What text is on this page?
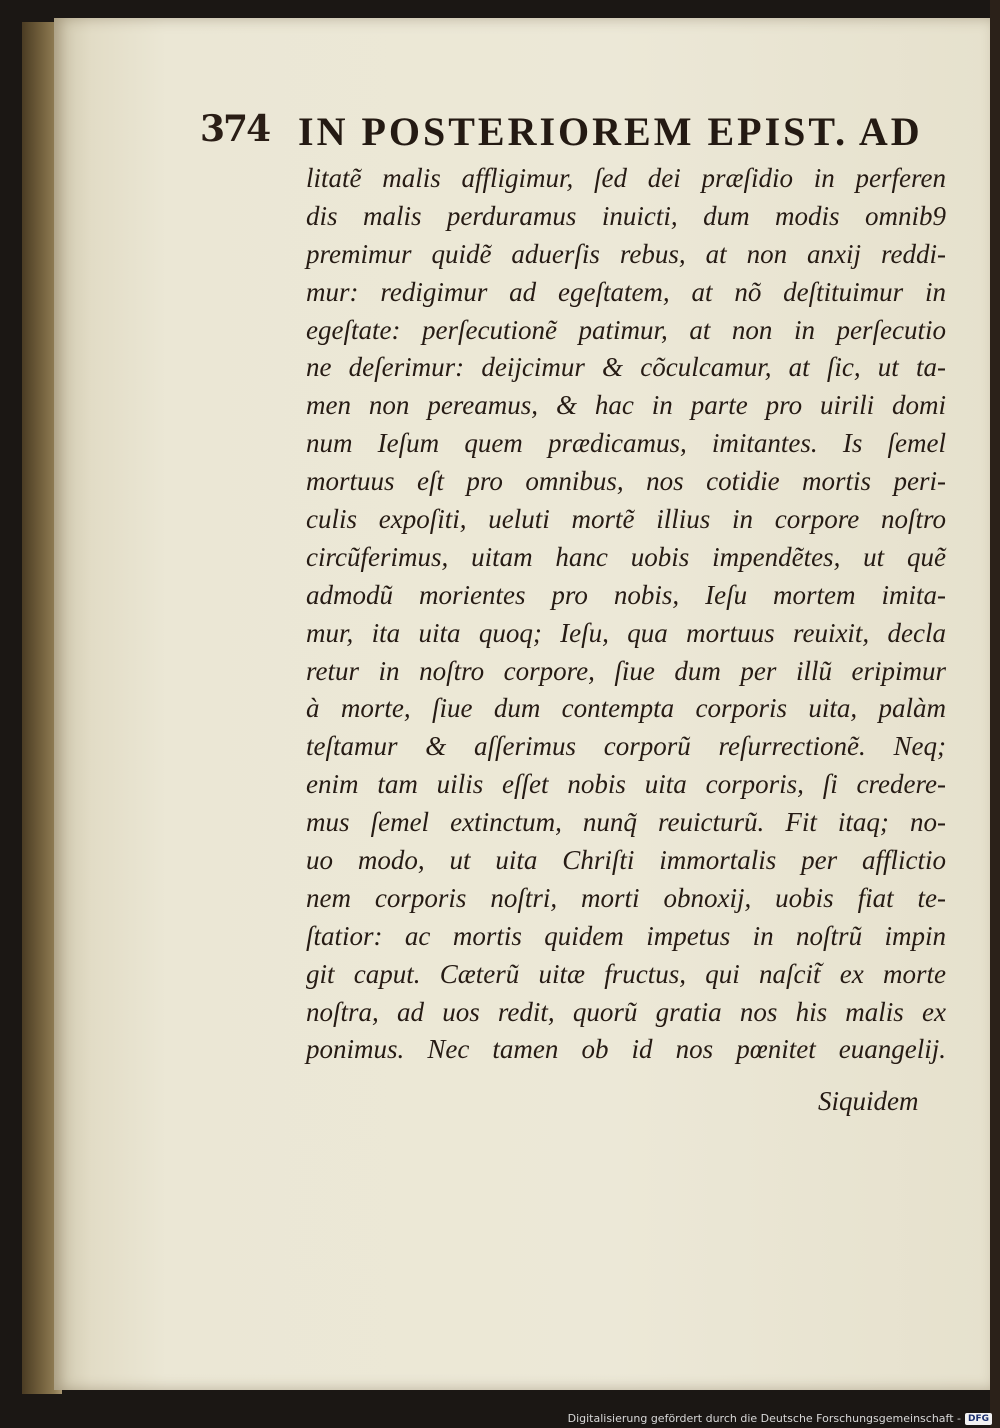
374 IN POSTERIOREM EPIST. AD
litatẽ malis affligimur, ſed dei præſidio in perferen
dis malis perduramus inuicti, dum modis omnib9
premimur quidẽ aduerſis rebus, at non anxij reddi-
mur: redigimur ad egeſtatem, at nõ deſtituimur in
egeſtate: perſecutionẽ patimur, at non in perſecutio
ne deſerimur: deijcimur & cõculcamur, at ſic, ut ta-
men non pereamus, & hac in parte pro uirili domi
num Ieſum quem prædicamus, imitantes. Is ſemel
mortuus eſt pro omnibus, nos cotidie mortis peri-
culis expoſiti, ueluti mortẽ illius in corpore noſtro
circũferimus, uitam hanc uobis impendẽtes, ut quẽ
admodũ morientes pro nobis, Ieſu mortem imita-
mur, ita uita quoq; Ieſu, qua mortuus reuixit, decla
retur in noſtro corpore, ſiue dum per illũ eripimur
à morte, ſiue dum contempta corporis uita, palàm
teſtamur & aſſerimus corporũ reſurrectionẽ. Neq;
enim tam uilis eſſet nobis uita corporis, ſi credere-
mus ſemel extinctum, nunq̃ reuicturũ. Fit itaq; no-
uo modo, ut uita Chriſti immortalis per afflictio
nem corporis noſtri, morti obnoxij, uobis fiat te-
ſtatior: ac mortis quidem impetus in noſtrũ impin
git caput. Cæterũ uitæ fructus, qui naſcit̃ ex morte
noſtra, ad uos redit, quorũ gratia nos his malis ex
ponimus. Nec tamen ob id nos pœnitet euangelij.
Siquidem
Digitalisierung gefördert durch die Deutsche Forschungsgemeinschaft - DFG
